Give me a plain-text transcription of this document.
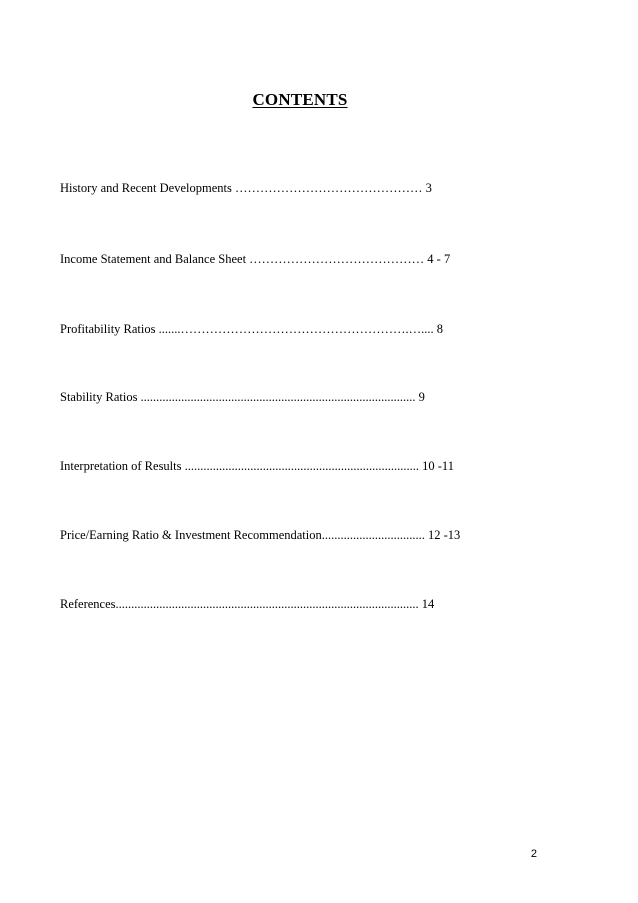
CONTENTS
History and Recent Developments ……………………………………… 3
Income Statement and Balance Sheet …………………………………… 4 - 7
Profitability Ratios .......……………………………………………….….... 8
Stability Ratios ........................................................................................ 9
Interpretation of Results ........................................................................... 10 -11
Price/Earning Ratio & Investment Recommendation................................. 12 -13
References................................................................................................. 14
2
